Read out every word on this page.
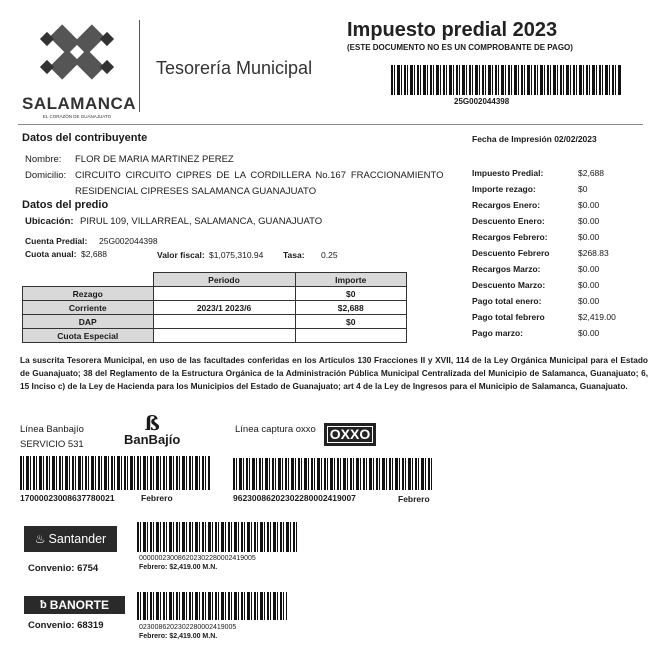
SALAMANCA
EL CORAZÓN DE GUANAJUATO
Tesorería Municipal
Impuesto predial 2023
(ESTE DOCUMENTO NO ES UN COMPROBANTE DE PAGO)
25G002044398
Datos del contribuyente
Nombre: FLOR DE MARIA MARTINEZ PEREZ
Domicilio: CIRCUITO CIRCUITO CIPRES DE LA CORDILLERA No.167 FRACCIONAMIENTO
RESIDENCIAL CIPRESES SALAMANCA GUANAJUATO
Datos del predio
Ubicación: PIRUL 109, VILLARREAL, SALAMANCA, GUANAJUATO
Cuenta Predial: 25G002044398
Cuota anual: $2,688	Valor fiscal: $1,075,310.94 Tasa: 0.25
	Periodo	Importe
Rezago		$0
Corriente	2023/1 2023/6	$2,688
DAP		$0
Cuota Especial		
Fecha de Impresión 02/02/2023
Impuesto Predial:	$2,688
Importe rezago:	$0
Recargos Enero:	$0.00
Descuento Enero:	$0.00
Recargos Febrero:	$0.00
Descuento Febrero	$268.83
Recargos Marzo:	$0.00
Descuento Marzo:	$0.00
Pago total enero:	$0.00
Pago total febrero	$2,419.00
Pago marzo:	$0.00
La suscrita Tesorera Municipal, en uso de las facultades conferidas en los Artículos 130 Fracciones II y XVII, 114 de la Ley Orgánica Municipal para el Estado de Guanajuato; 38 del Reglamento de la Estructura Orgánica de la Administración Pública Municipal Centralizada del Municipio de Salamanca, Guanajuato; 6, 15 Inciso c) de la Ley de Hacienda para los Municipios del Estado de Guanajuato; art 4 de la Ley de Ingresos para el Municipio de Salamanca, Guanajuato.
Línea Banbajío
SERVICIO 531
ß
BanBajío
17000023008637780021	Febrero
Línea captura oxxo OXXO
96230086202302280002419007	Febrero
♨ Santander
Convenio: 6754
000000230086202302280002419005
Febrero: $2,419.00 M.N.
ƀ BANORTE
Convenio: 68319	0230086202302280002419005
Febrero: $2,419.00 M.N.
